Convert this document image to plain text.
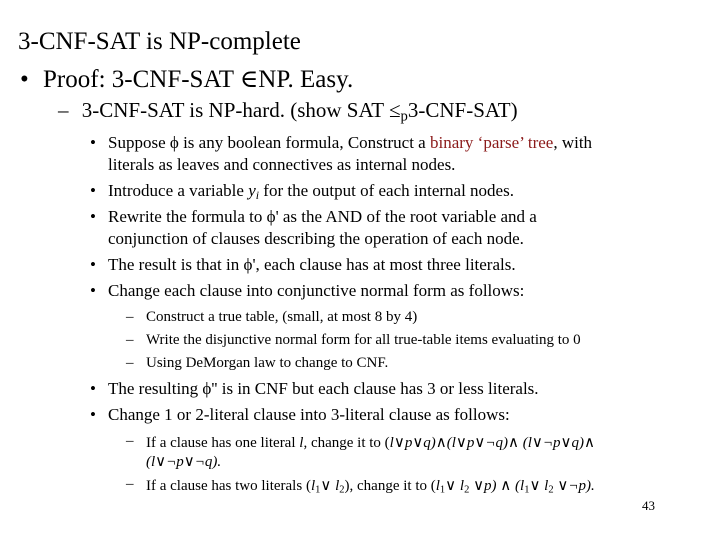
3-CNF-SAT is NP-complete
• Proof: 3-CNF-SAT ∈NP. Easy.
– 3-CNF-SAT is NP-hard. (show SAT $\le_p3-CNF-SAT$)
• Suppose ϕ is any boolean formula, Construct a binary ‘parse’ tree, with
literals as leaves and connectives as internal nodes.
• Introduce a variable $y_i$ for the output of each internal nodes.
• Rewrite the formula to ϕ' as the AND of the root variable and a
conjunction of clauses describing the operation of each node.
• The result is that in ϕ', each clause has at most three literals.
• Change each clause into conjunctive normal form as follows:
– Construct a true table, (small, at most 8 by 4)
– Write the disjunctive normal form for all true-table items evaluating to 0
– Using DeMorgan law to change to CNF.
• The resulting ϕ'' is in CNF but each clause has 3 or less literals.
• Change 1 or 2-literal clause into 3-literal clause as follows:
– If a clause has one literal l, change it to (l∨p∨q)∧(l∨p∨¬q)∧ (l∨¬p∨q)∧
(l∨¬p∨¬q).
– If a clause has two literals ($l_1\vee$ $l_2$), change it to ($l_1\vee$ $l_2$ ∨p) ∧ ($l_1\vee$ $l_2$ ∨¬p).
43
